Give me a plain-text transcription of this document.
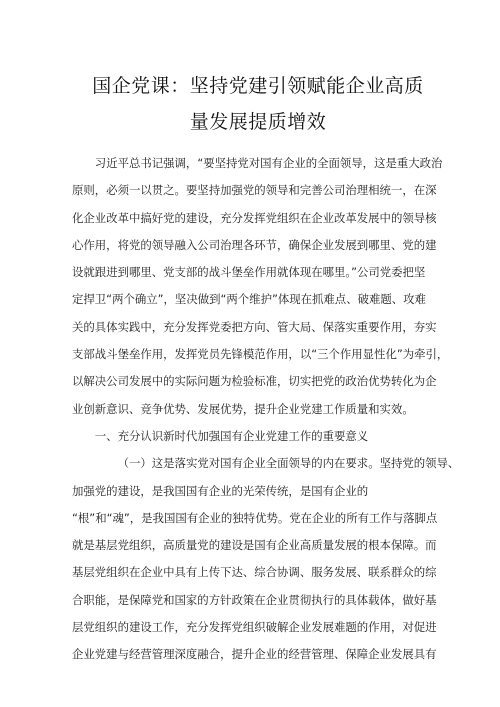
国企党课：坚持党建引领赋能企业高质
量发展提质增效
习近平总书记强调，“要坚持党对国有企业的全面领导，这是重大政治
原则，必须一以贯之。要坚持加强党的领导和完善公司治理相统一，在深
化企业改革中搞好党的建设，充分发挥党组织在企业改革发展中的领导核
心作用，将党的领导融入公司治理各环节，确保企业发展到哪里、党的建
设就跟进到哪里、党支部的战斗堡垒作用就体现在哪里。”公司党委把坚
定捍卫“两个确立”，坚决做到“两个维护”体现在抓难点、破难题、攻难
关的具体实践中，充分发挥党委把方向、管大局、保落实重要作用，夯实
支部战斗堡垒作用，发挥党员先锋模范作用，以“三个作用显性化”为牵引，
以解决公司发展中的实际问题为检验标准，切实把党的政治优势转化为企
业创新意识、竞争优势、发展优势，提升企业党建工作质量和实效。
一、充分认识新时代加强国有企业党建工作的重要意义
（一）这是落实党对国有企业全面领导的内在要求。坚持党的领导、
加强党的建设，是我国国有企业的光荣传统，是国有企业的
“根”和“魂”，是我国国有企业的独特优势。党在企业的所有工作与落脚点
就是基层党组织，高质量党的建设是国有企业高质量发展的根本保障。而
基层党组织在企业中具有上传下达、综合协调、服务发展、联系群众的综
合职能，是保障党和国家的方针政策在企业贯彻执行的具体载体，做好基
层党组织的建设工作，充分发挥党组织破解企业发展难题的作用，对促进
企业党建与经营管理深度融合，提升企业的经营管理、保障企业发展具有
